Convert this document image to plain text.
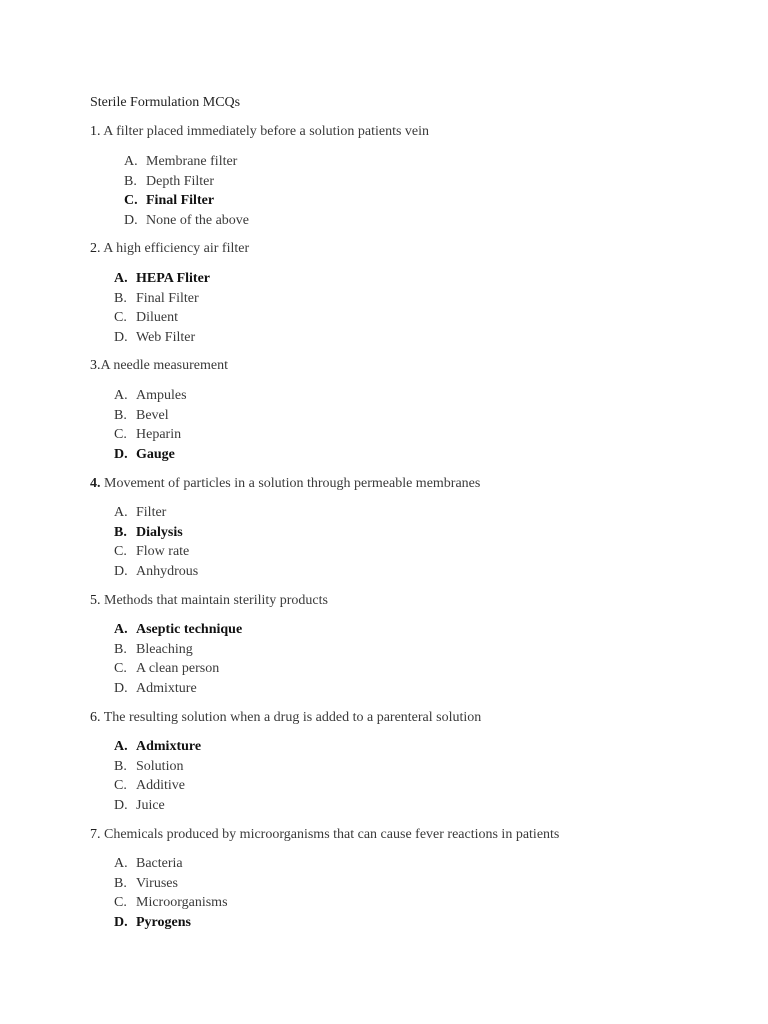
Sterile Formulation MCQs
1. A filter placed immediately before a solution patients vein
A. Membrane filter
B. Depth Filter
C. Final Filter
D. None of the above
2. A high efficiency air filter
A. HEPA Fliter
B. Final Filter
C. Diluent
D. Web Filter
3.A needle measurement
A. Ampules
B. Bevel
C. Heparin
D. Gauge
4. Movement of particles in a solution through permeable membranes
A. Filter
B. Dialysis
C. Flow rate
D. Anhydrous
5. Methods that maintain sterility products
A. Aseptic technique
B. Bleaching
C. A clean person
D. Admixture
6. The resulting solution when a drug is added to a parenteral solution
A. Admixture
B. Solution
C. Additive
D. Juice
7. Chemicals produced by microorganisms that can cause fever reactions in patients
A. Bacteria
B. Viruses
C. Microorganisms
D. Pyrogens
